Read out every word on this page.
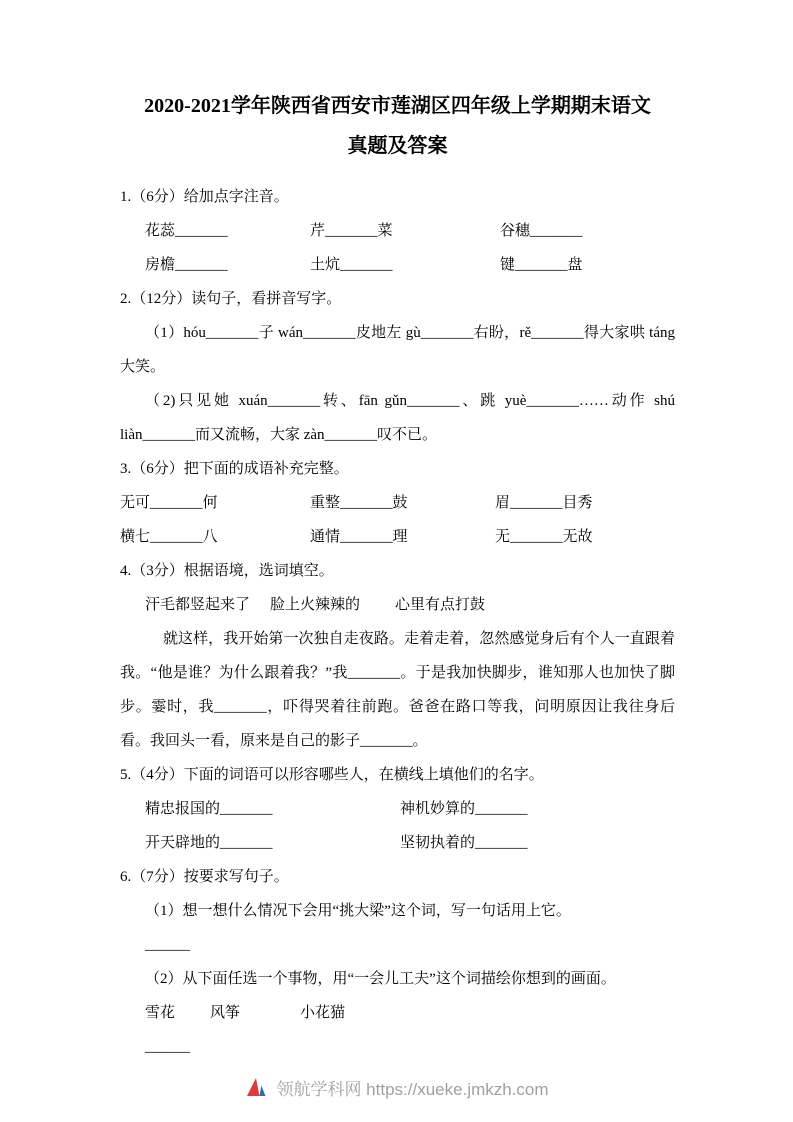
2020-2021学年陕西省西安市莲湖区四年级上学期期末语文
真题及答案
1.（6分）给加点字注音。
花蕊_______	芹_______菜	谷穗_______
房檐_______	土炕_______	键_______盘
2.（12分）读句子，看拼音写字。
（1）hóu_______子 wán_______皮地左 gù_______右盼，rě_______得大家哄 táng 大笑。
（2)只见她 xuán_______转、fān gǔn_______、跳 yuè_______……动作 shú liàn_______而又流畅，大家 zàn_______叹不已。
3.（6分）把下面的成语补充完整。
无可_______何	重整_______鼓	眉_______目秀
横七_______八	通情_______理	无_______无故
4.（3分）根据语境，选词填空。
汗毛都竖起来了 脸上火辣辣的 心里有点打鼓
就这样，我开始第一次独自走夜路。走着走着，忽然感觉身后有个人一直跟着我。“他是谁？为什么跟着我？”我_______。于是我加快脚步，谁知那人也加快了脚步。霎时，我_______，吓得哭着往前跑。爸爸在路口等我，问明原因让我往身后看。我回头一看，原来是自己的影子_______。
5.（4分）下面的词语可以形容哪些人，在横线上填他们的名字。
精忠报国的_______	神机妙算的_______
开天辟地的_______	坚韧执着的_______
6.（7分）按要求写句子。
（1）想一想什么情况下会用“挑大梁”这个词，写一句话用上它。
______
（2）从下面任选一个事物，用“一会儿工夫”这个词描绘你想到的画面。
雪花 风筝	小花猫
______
领航学科网 https://xueke.jmkzh.com
